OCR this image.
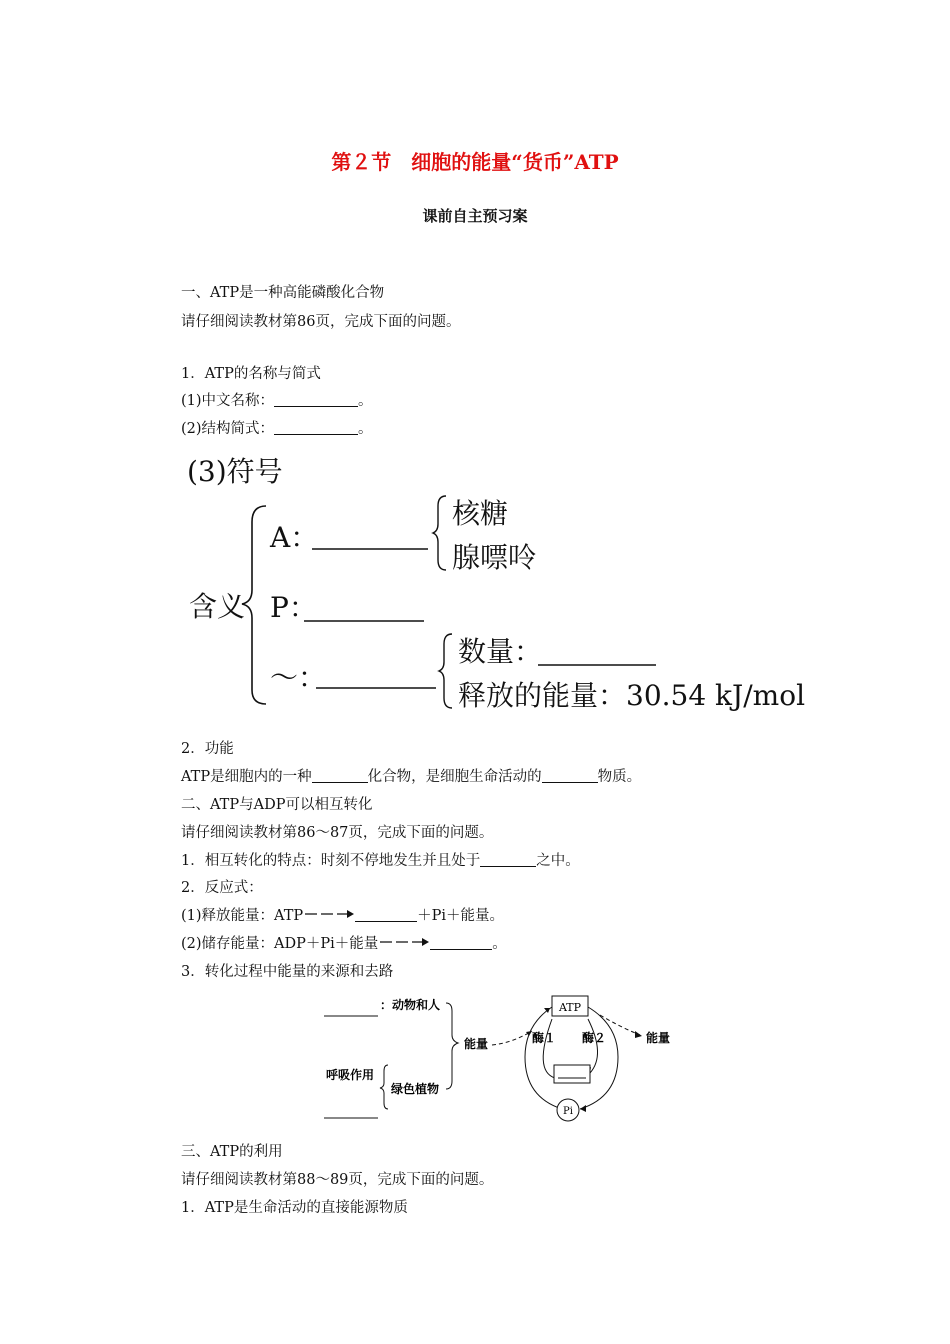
第２节　细胞的能量“货币”ATP
课前自主预习案
一、ATP是一种高能磷酸化合物
请仔细阅读教材第86页，完成下面的问题。
1．ATP的名称与简式
(1)中文名称：	。
(2)结构简式：	。
(3)符号
含义
A：
核糖
腺嘌呤
P：
～：
数量：
释放的能量：30.54 kJ/mol
2．功能
ATP是细胞内的一种	化合物，是细胞生命活动的	物质。
二、ATP与ADP可以相互转化
请仔细阅读教材第86～87页，完成下面的问题。
1．相互转化的特点：时刻不停地发生并且处于	之中。
2．反应式：
(1)释放能量：ATP→	＋Pi＋能量。
(2)储存能量：ADP＋Pi＋能量→	。
3．转化过程中能量的来源和去路
：动物和人
呼吸作用
绿色植物
能量
ATP
酶１ 酶２
Pi
能量
三、ATP的利用
请仔细阅读教材第88～89页，完成下面的问题。
1．ATP是生命活动的直接能源物质
